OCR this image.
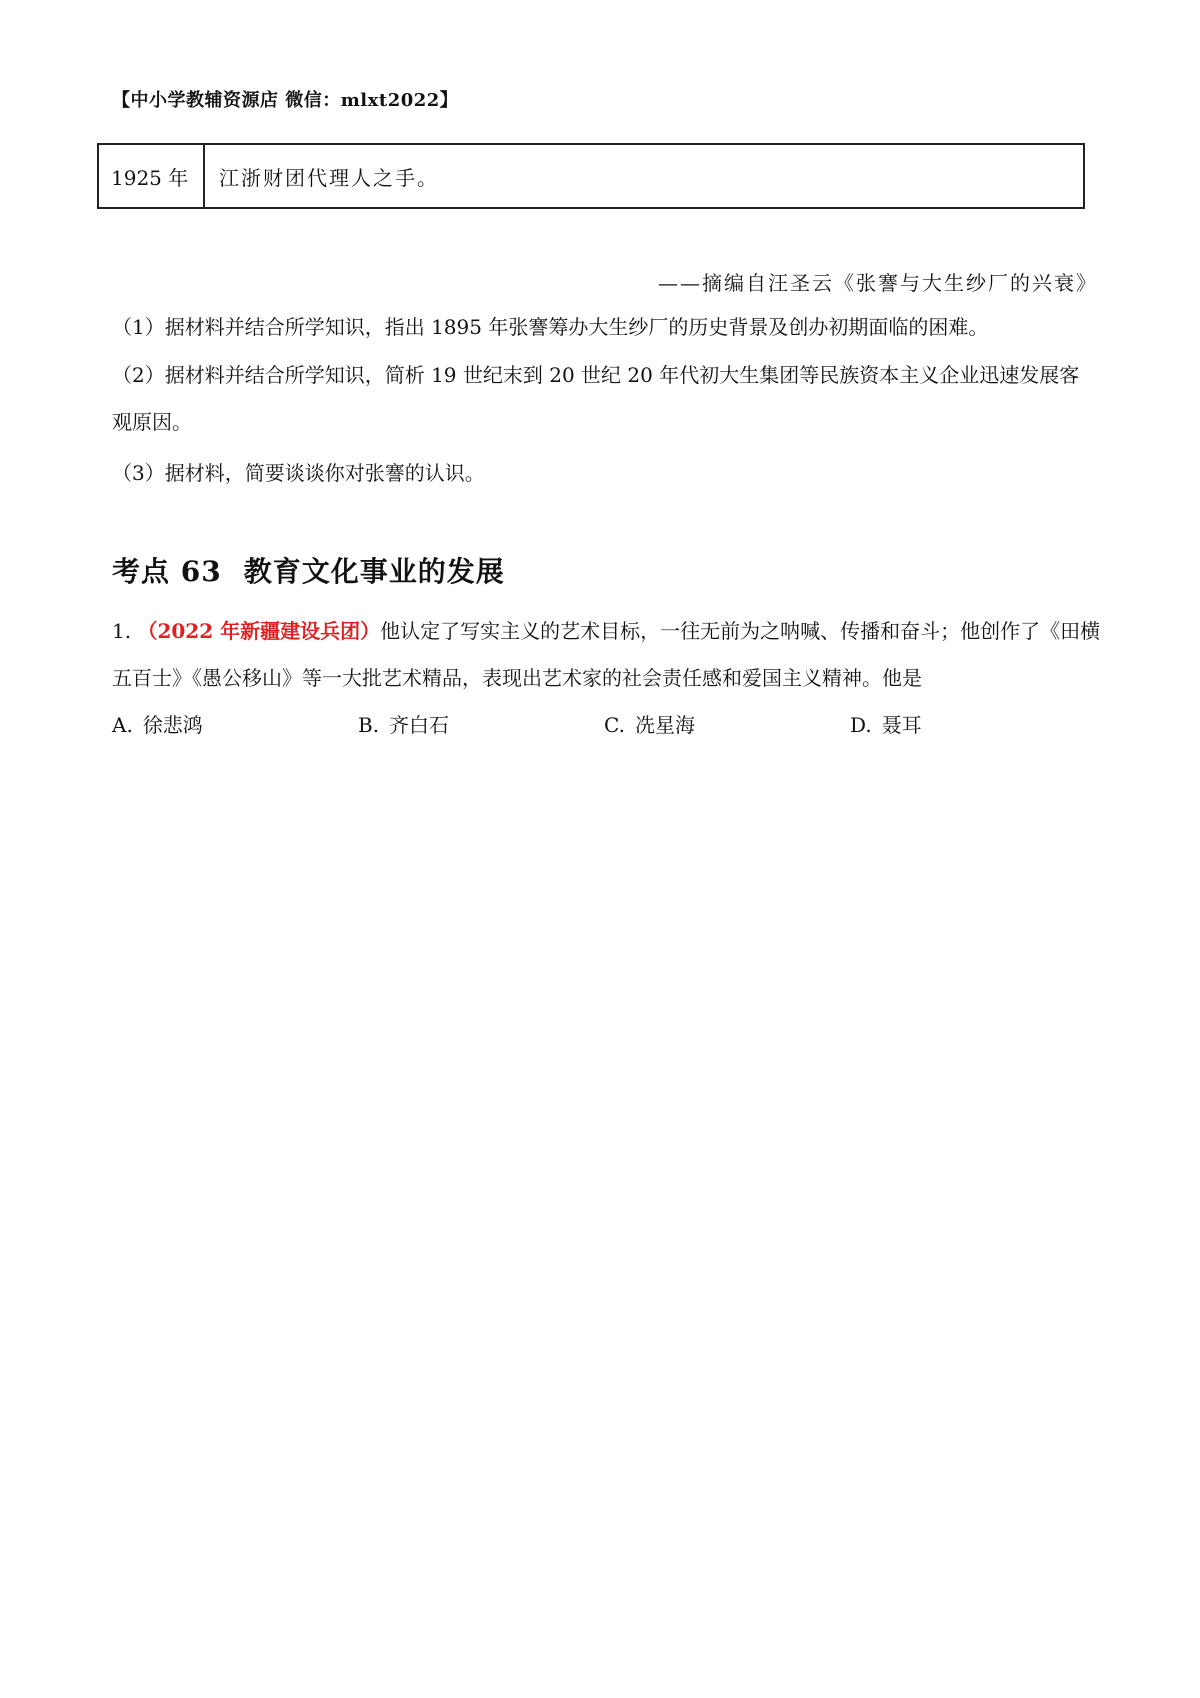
【中小学教辅资源店 微信：mlxt2022】
1925 年	江浙财团代理人之手。
——摘编自汪圣云《张謇与大生纱厂的兴衰》
（1）据材料并结合所学知识，指出 1895 年张謇筹办大生纱厂的历史背景及创办初期面临的困难。
（2）据材料并结合所学知识，简析 19 世纪末到 20 世纪 20 年代初大生集团等民族资本主义企业迅速发展客观原因。
（3）据材料，简要谈谈你对张謇的认识。
考点 63 教育文化事业的发展
1. （2022 年新疆建设兵团）他认定了写实主义的艺术目标，一往无前为之呐喊、传播和奋斗；他创作了《田横五百士》《愚公移山》等一大批艺术精品，表现出艺术家的社会责任感和爱国主义精神。他是
A. 徐悲鸿	B. 齐白石	C. 冼星海	D. 聂耳
